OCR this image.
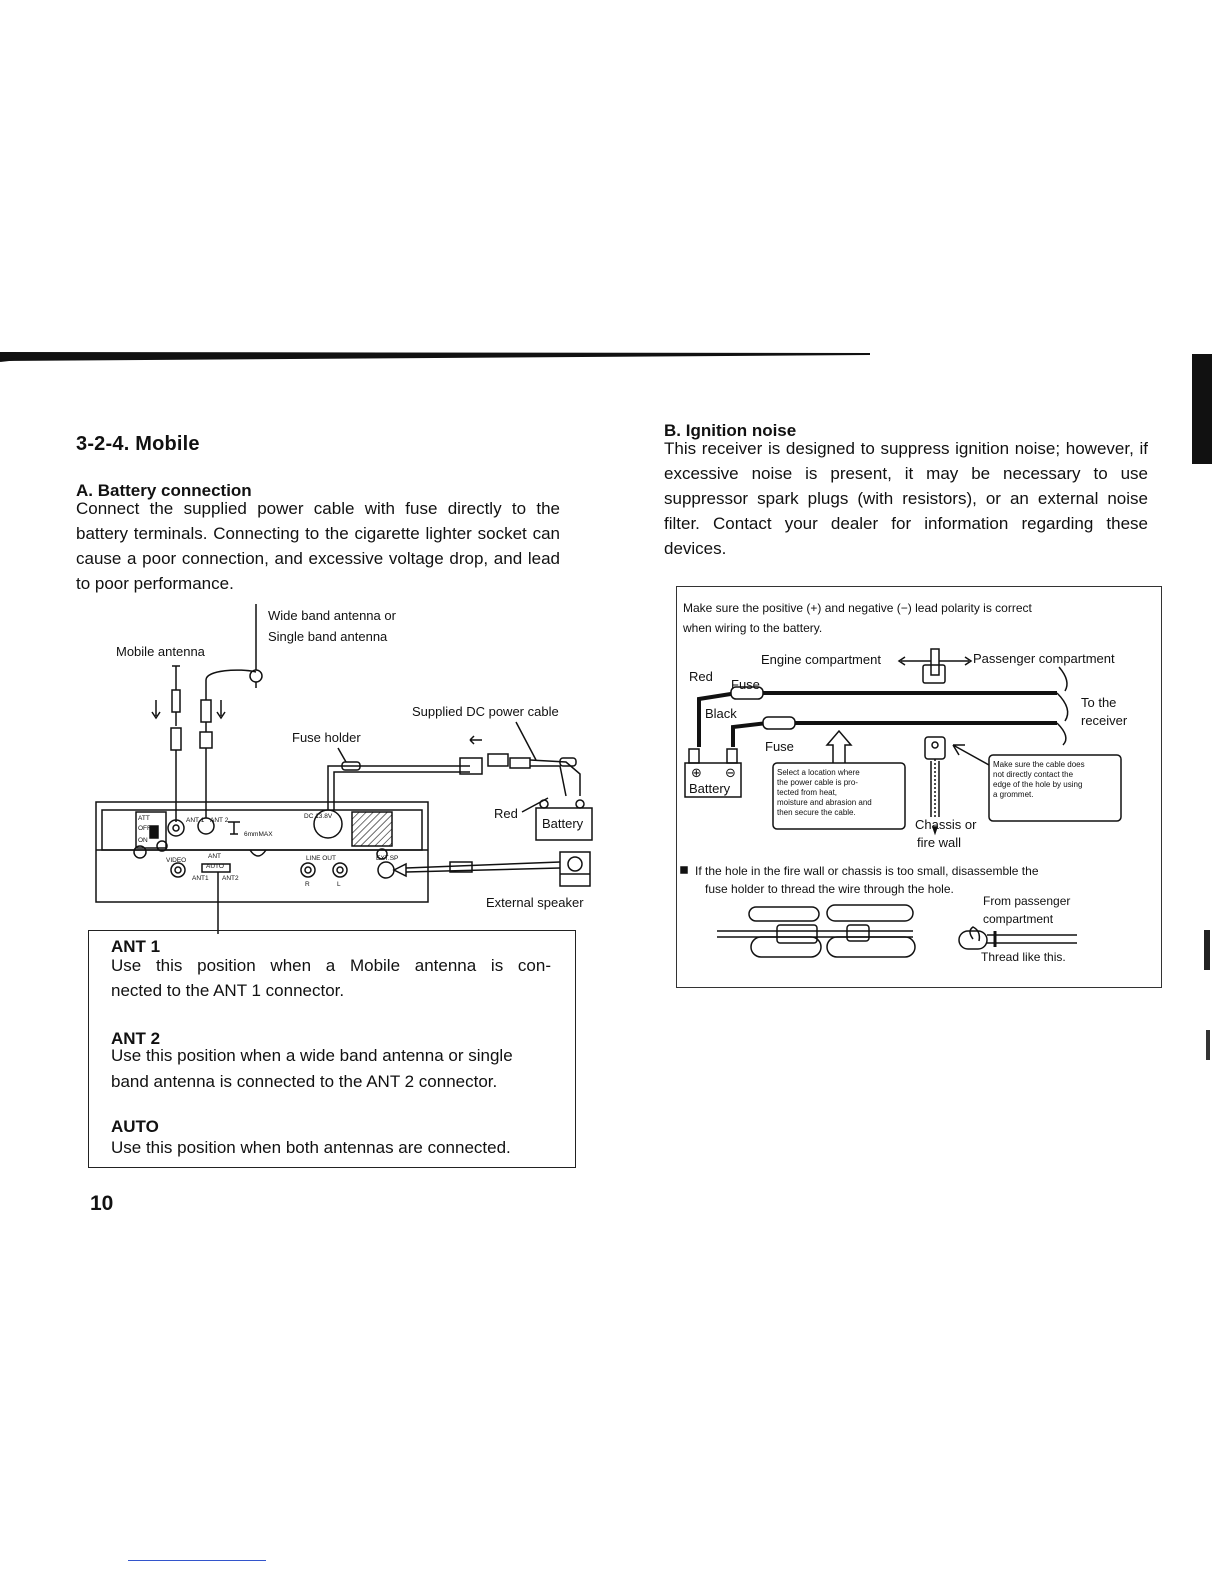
3-2-4. Mobile
A. Battery connection
Connect the supplied power cable with fuse directly to the battery terminals. Connecting to the cigarette lighter socket can cause a poor connection, and excessive voltage drop, and lead to poor performance.
ATT
OFF
ON
ANT 1 ANT 2
6mmMAX
DC 13.8V
LINE OUT	EXT.SP
VIDEO
ANT
AUTO
ANT1 ANT2
R	L
Battery
Wide band antenna or
Single band antenna
Mobile antenna
Supplied DC power cable
Fuse holder
Red
External speaker
ANT 1
Use this position when a Mobile antenna is con-
nected to the ANT 1 connector.
ANT 2
Use this position when a wide band antenna or single
band antenna is connected to the ANT 2 connector.
AUTO
Use this position when both antennas are connected.
10
B. Ignition noise
This receiver is designed to suppress ignition noise; however, if excessive noise is present, it may be necessary to use suppressor spark plugs (with resistors), or an external noise filter. Contact your dealer for information regarding these devices.
Make sure the positive (+) and negative (−) lead polarity is correct
when wiring to the battery.
Engine compartment	Passenger compartment
Red
Fuse
Black
Fuse
To the
receiver
⊕ ⊖
Battery
Chassis or
fire wall
From passenger
compartment
Thread like this.
Select a location where
the power cable is pro-
tected from heat,
moisture and abrasion and
then secure the cable.
Make sure the cable does
not directly contact the
edge of the hole by using
a grommet.
If the hole in the fire wall or chassis is too small, disassemble the
fuse holder to thread the wire through the hole.
